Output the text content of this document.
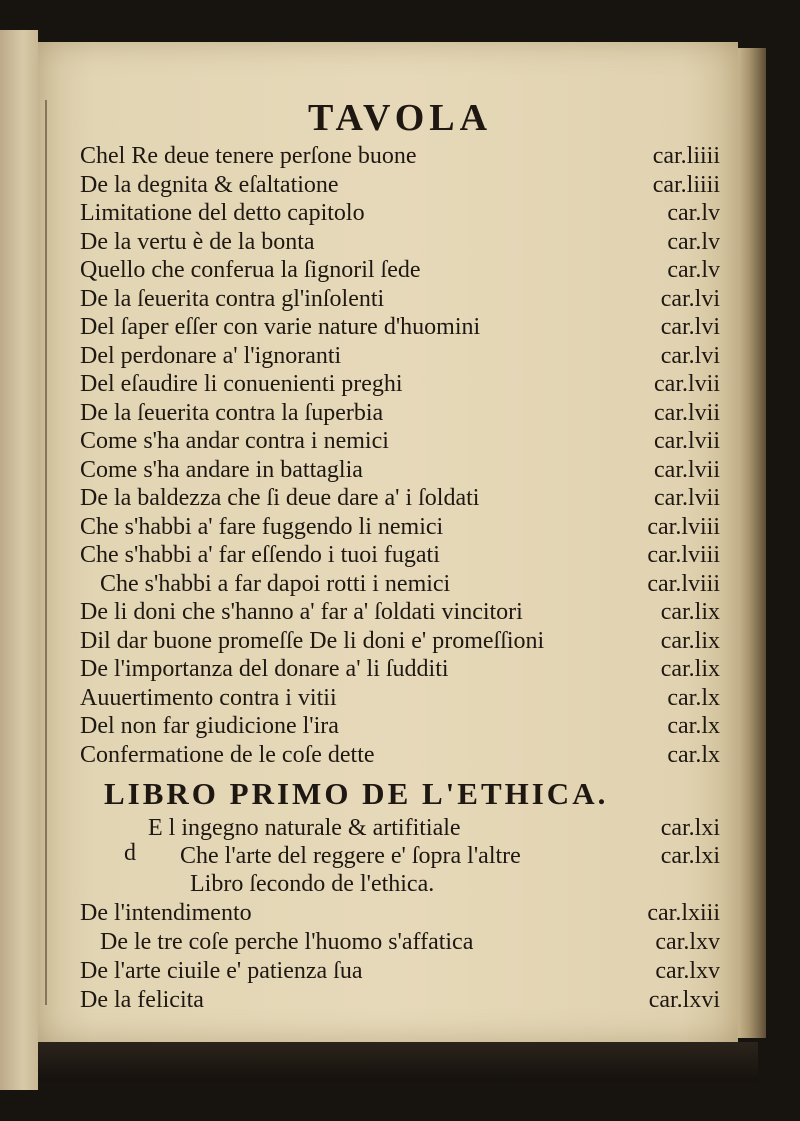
TAVOLA
Chel Re deue tenere perſone buone	car.liiii
De la degnita & eſaltatione	car.liiii
Limitatione del detto capitolo	car.lv
De la vertu è de la bonta	car.lv
Quello che conferua la ſignoril ſede	car.lv
De la ſeuerita contra gl'inſolenti	car.lvi
Del ſaper eſſer con varie nature d'huomini	car.lvi
Del perdonare a' l'ignoranti	car.lvi
Del eſaudire li conuenienti preghi	car.lvii
De la ſeuerita contra la ſuperbia	car.lvii
Come s'ha andar contra i nemici	car.lvii
Come s'ha andare in battaglia	car.lvii
De la baldezza che ſi deue dare a' i ſoldati	car.lvii
Che s'habbi a' fare fuggendo li nemici	car.lviii
Che s'habbi a' far eſſendo i tuoi fugati	car.lviii
Che s'habbi a far dapoi rotti i nemici	car.lviii
De li doni che s'hanno a' far a' ſoldati vincitori	car.lix
Dil dar buone promeſſe De li doni e' promeſſioni	car.lix
De l'importanza del donare a' li ſudditi	car.lix
Auuertimento contra i vitii	car.lx
Del non far giudicione l'ira	car.lx
Confermatione de le coſe dette	car.lx
LIBRO PRIMO DE L'ETHICA.
E l ingegno naturale & artifitiale	car.lxi
d Che l'arte del reggere e' ſopra l'altre	car.lxi
Libro ſecondo de l'ethica.
De l'intendimento	car.lxiii
De le tre coſe perche l'huomo s'affatica	car.lxv
De l'arte ciuile e' patienza ſua	car.lxv
De la felicita	car.lxvi
